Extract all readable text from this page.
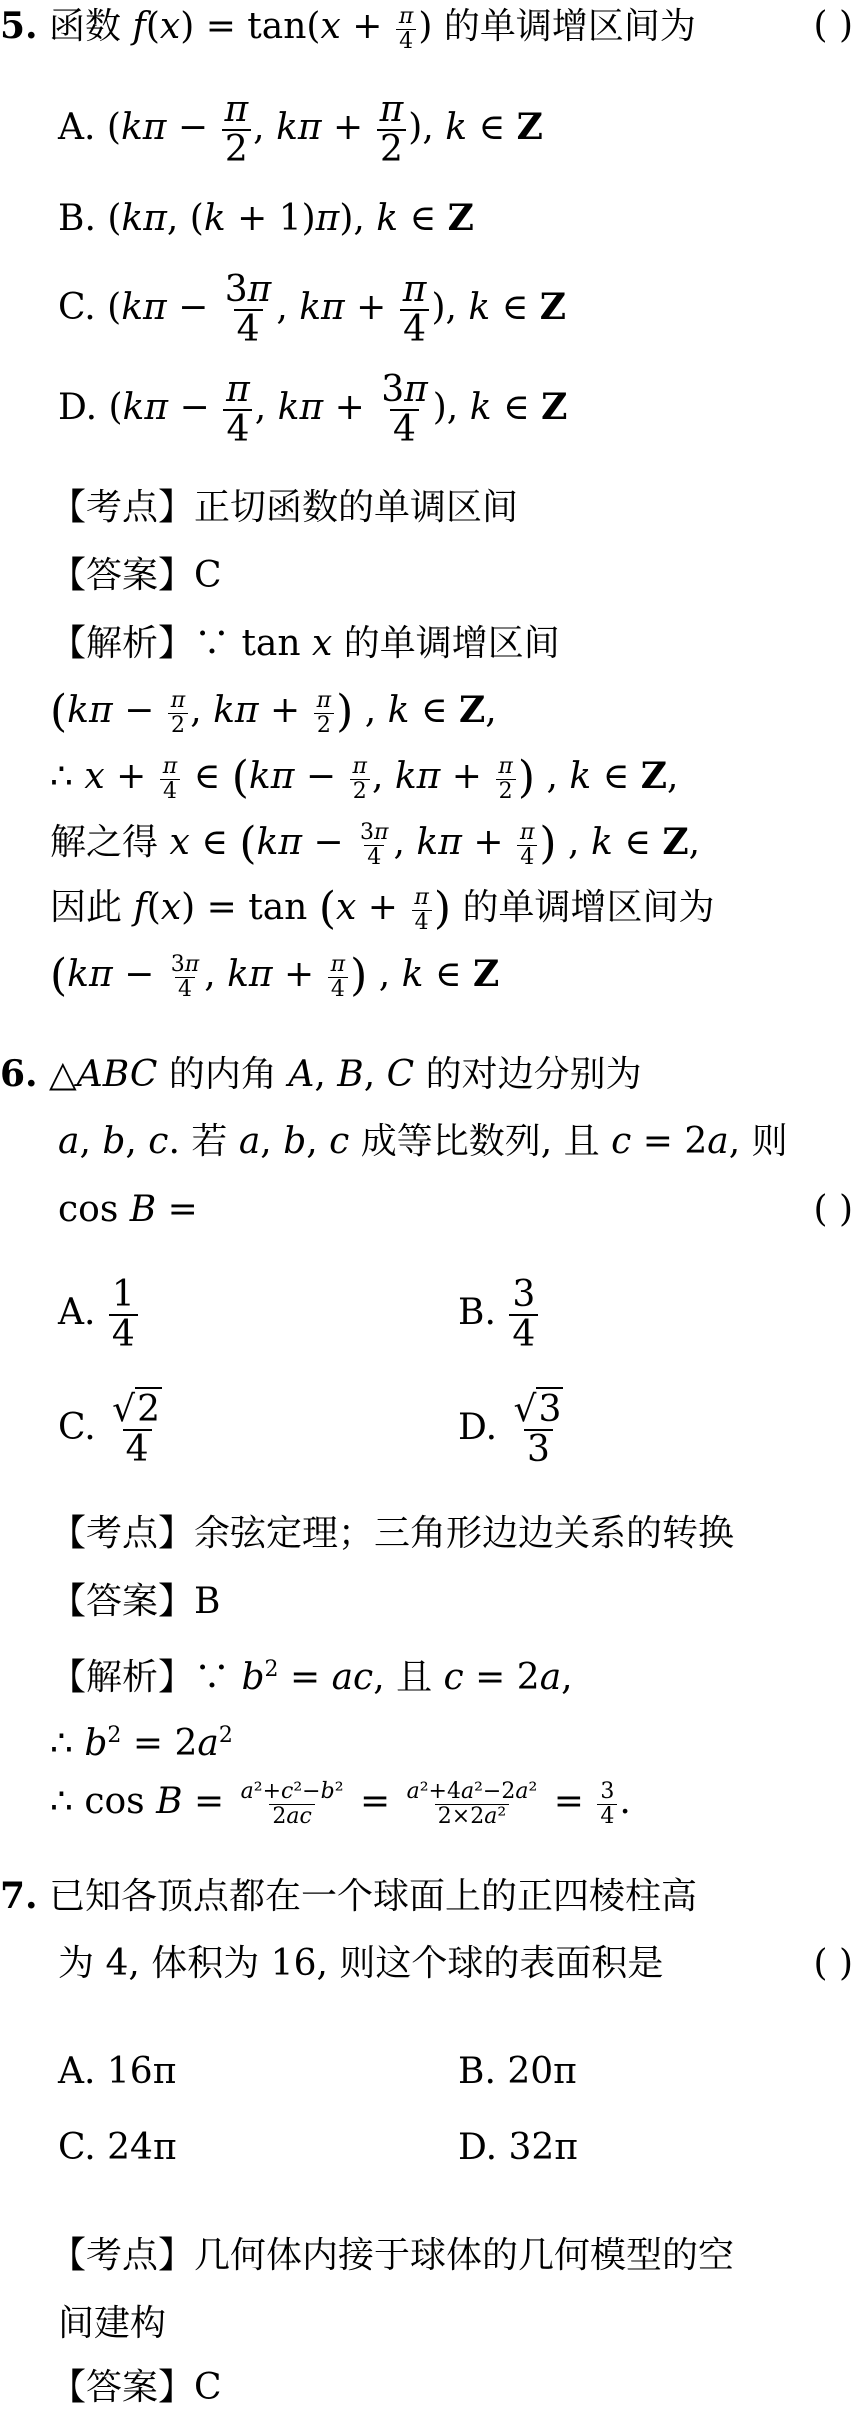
5. 函数 $f(x) = \tan(x + \frac{\pi}{4}$ ) 的单调增区间为	( )
A. ($k\pi - \frac{\pi}{2}$ , $k\pi + \frac{\pi}{2}$ ), k ∈ Z
B. (kπ, (k + 1)π), k ∈ Z
C. ($k\pi - \frac{3\pi}{4}$ , $k\pi + \frac{\pi}{4}$ ), k ∈ Z
D. ($k\pi - \frac{\pi}{4}$ , $k\pi + \frac{3\pi}{4}$ ), k ∈ Z
【考点】正切函数的单调区间
【答案】C
【解析】∵ tan x 的单调增区间
($k\pi - \frac{\pi}{2}$ , $k\pi + \frac{\pi}{2}$ ) , k ∈ Z,
∴ $x + \frac{\pi}{4}$ ∈ ($k\pi - \frac{\pi}{2}$ , $k\pi + \frac{\pi}{2}$ ) , k ∈ Z,
解之得 x ∈ ($k\pi - \frac{3\pi}{4}$ , $k\pi + \frac{\pi}{4}$ ) , k ∈ Z,
因此 $f(x) = \tan (x + \frac{\pi}{4}$ ) 的单调增区间为
($k\pi - \frac{3\pi}{4}$ , $k\pi + \frac{\pi}{4}$ ) , k ∈ Z
6. △ABC 的内角 A, B, C 的对边分别为
a, b, c. 若 a, b, c 成等比数列, 且 c = 2a, 则
cos B =	( )
A. $\frac{1}{4}$	B. $\frac{3}{4}$
C. $\frac{√2}{4}$	D. $\frac{√3}{3}$
【考点】余弦定理；三角形边边关系的转换
【答案】B
【解析】∵ $b^2$ = ac, 且 c = 2a,
∴ $b^2 = 2a^2$
∴ $\cos B = \frac{\text{a²+c²−b²}}{2ac} = \frac{\text{a²+4a²−2a²}}{\text{2×2a²}} = \frac{3}{4}$ .
7. 已知各顶点都在一个球面上的正四棱柱高
为 4, 体积为 16, 则这个球的表面积是	( )
A. 16π	B. 20π
C. 24π	D. 32π
【考点】几何体内接于球体的几何模型的空
间建构
【答案】C
